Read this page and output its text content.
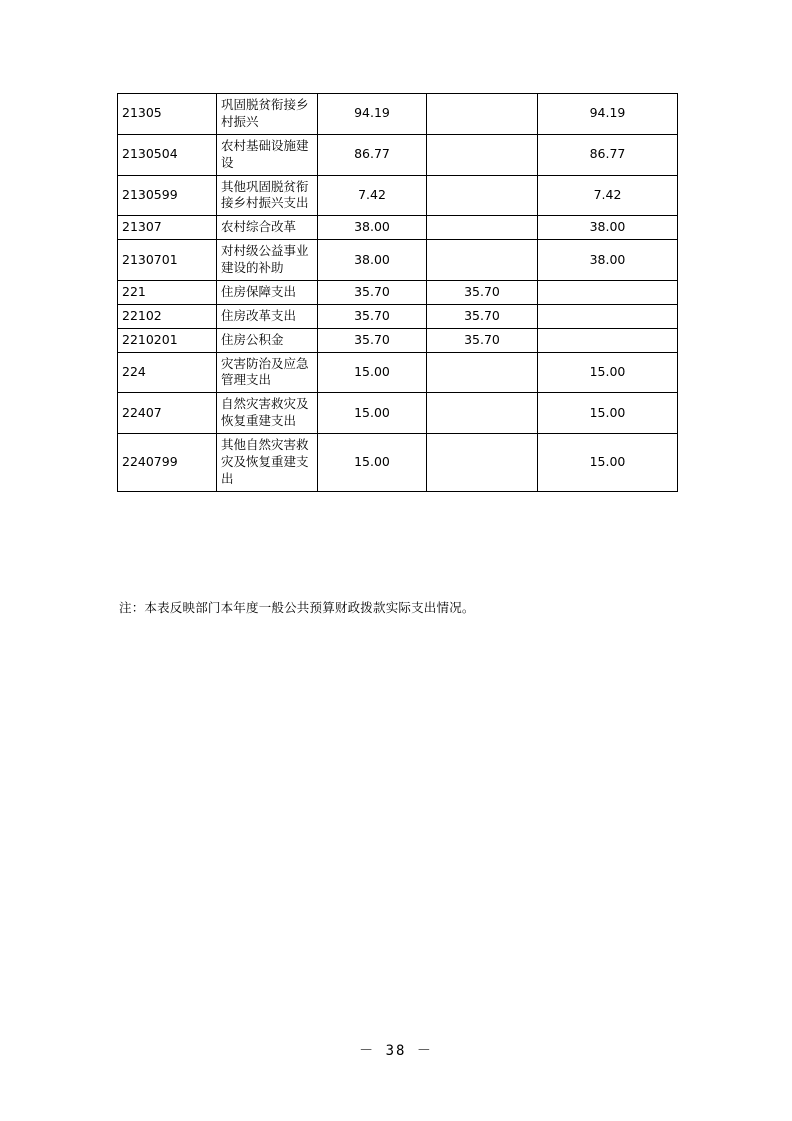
21305	巩固脱贫衔接乡村振兴	94.19		94.19
2130504	农村基础设施建设	86.77		86.77
2130599	其他巩固脱贫衔接乡村振兴支出	7.42		7.42
21307	农村综合改革	38.00		38.00
2130701	对村级公益事业建设的补助	38.00		38.00
221	住房保障支出	35.70	35.70	
22102	住房改革支出	35.70	35.70	
2210201	住房公积金	35.70	35.70	
224	灾害防治及应急管理支出	15.00		15.00
22407	自然灾害救灾及恢复重建支出	15.00		15.00
2240799	其他自然灾害救灾及恢复重建支出	15.00		15.00
注：本表反映部门本年度一般公共预算财政拨款实际支出情况。
－ 38 －
